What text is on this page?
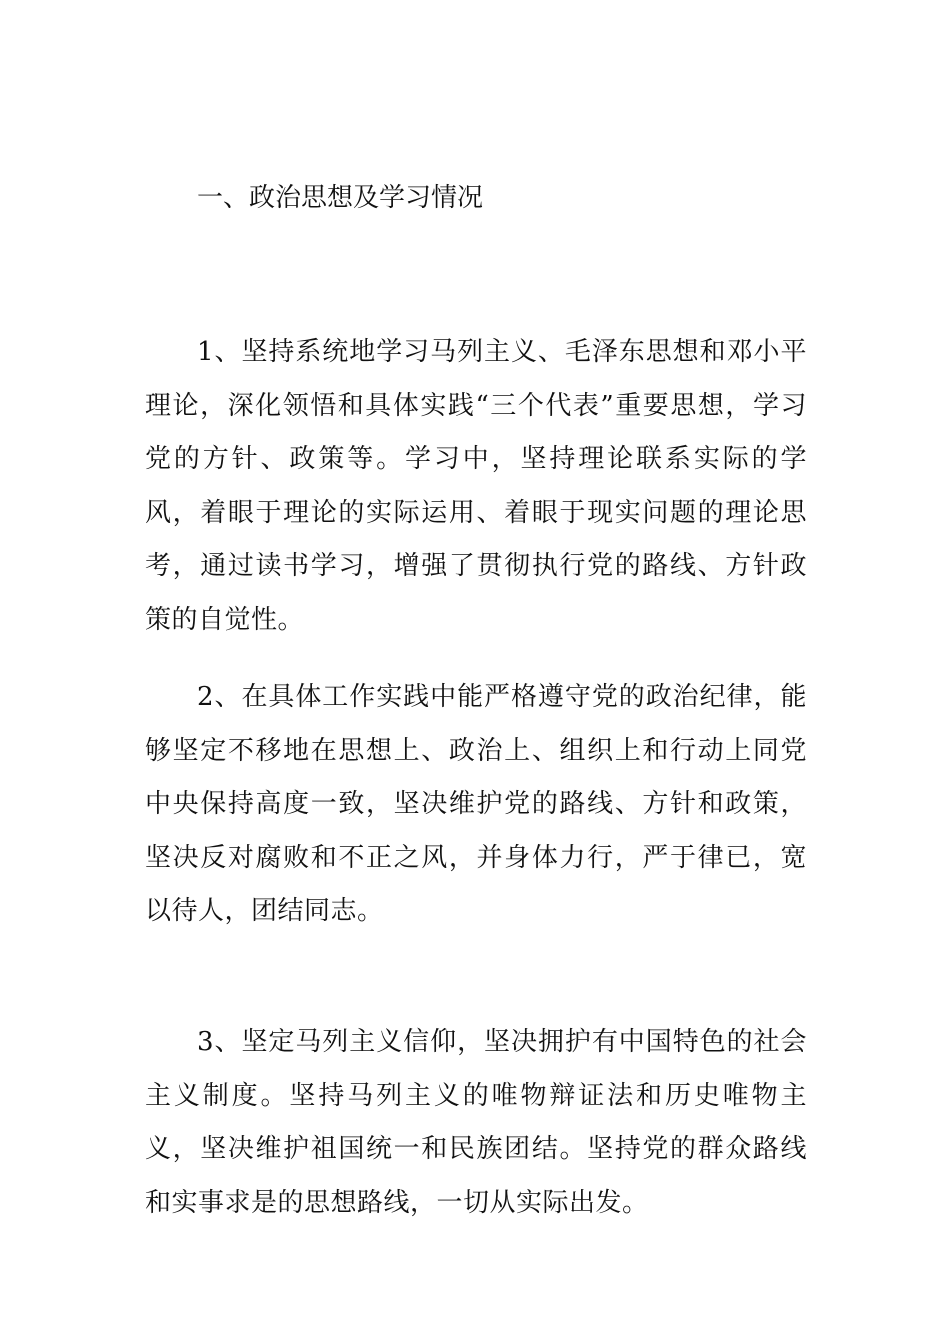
一、政治思想及学习情况

1、坚持系统地学习马列主义、毛泽东思想和邓小平理论，深化领悟和具体实践“三个代表”重要思想，学习党的方针、政策等。学习中，坚持理论联系实际的学风，着眼于理论的实际运用、着眼于现实问题的理论思考，通过读书学习，增强了贯彻执行党的路线、方针政策的自觉性。

2、在具体工作实践中能严格遵守党的政治纪律，能够坚定不移地在思想上、政治上、组织上和行动上同党中央保持高度一致，坚决维护党的路线、方针和政策，坚决反对腐败和不正之风，并身体力行，严于律已，宽以待人，团结同志。

3、坚定马列主义信仰，坚决拥护有中国特色的社会主义制度。坚持马列主义的唯物辩证法和历史唯物主义，坚决维护祖国统一和民族团结。坚持党的群众路线和实事求是的思想路线，一切从实际出发。
